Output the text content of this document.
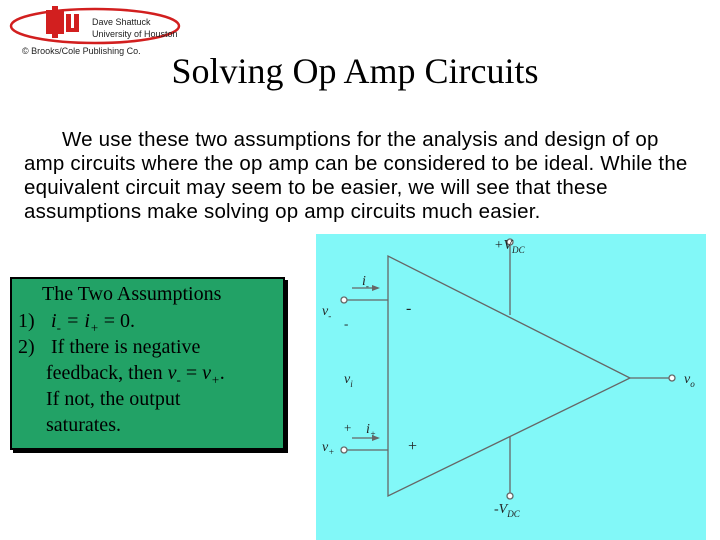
Dave Shattuck
University of Houston
© Brooks/Cole Publishing Co. Solving Op Amp Circuits
We use these two assumptions for the analysis and design of op amp circuits where the op amp can be considered to be ideal. While the equivalent circuit may seem to be easier, we will see that these assumptions make solving op amp circuits much easier.
$+V_{DC}$
$-V_{DC}$
$i_-$
$i_+$
$v_-$
$v_+$
$v_i$	$v_o$
-
+
-
+
The Two Assumptions
1) $i_- = i_+ = 0$.
2) If there is negative
feedback, then $v_- = v_+$.
If not, the output
saturates.
